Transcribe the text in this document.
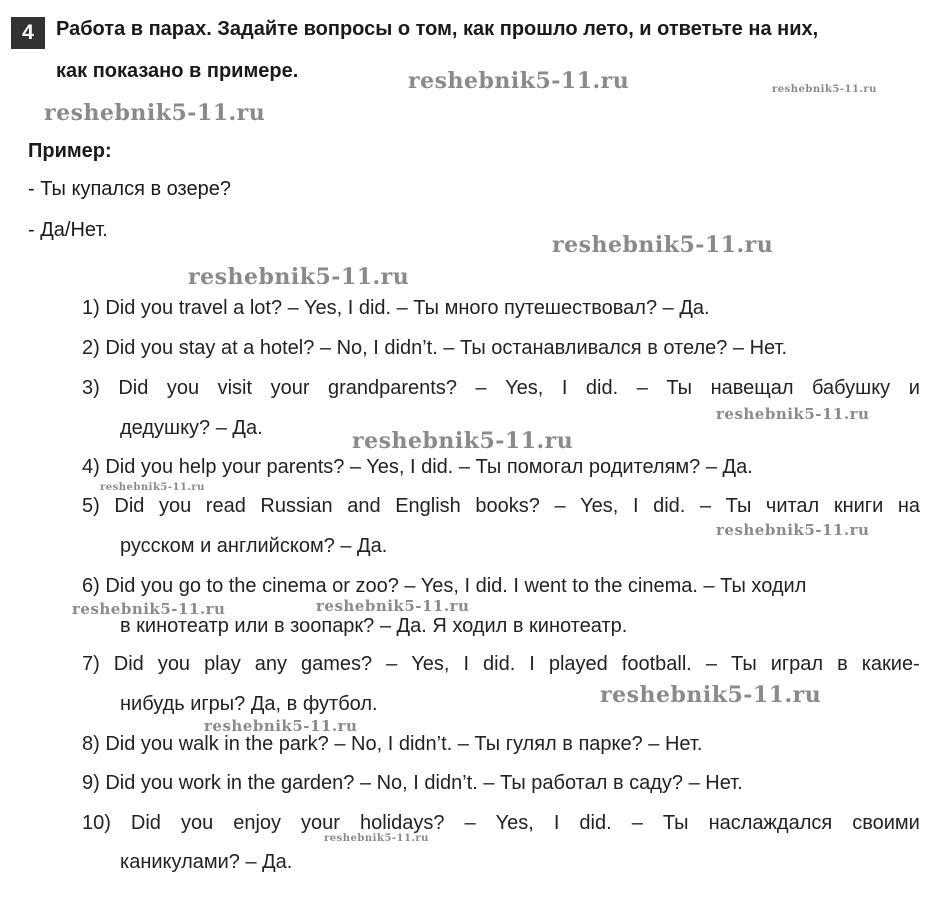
4	Работа в парах. Задайте вопросы о том, как прошло лето, и ответьте на них,
как показано в примере.
Пример:
- Ты купался в озере?
- Да/Нет.
1) Did you travel a lot? – Yes, I did. – Ты много путешествовал? – Да.
2) Did you stay at a hotel? – No, I didn’t. – Ты останавливался в отеле? – Нет.
3) Did you visit your grandparents? – Yes, I did. – Ты навещал бабушку и
дедушку? – Да.
4) Did you help your parents? – Yes, I did. – Ты помогал родителям? – Да.
5) Did you read Russian and English books? – Yes, I did. – Ты читал книги на
русском и английском? – Да.
6) Did you go to the cinema or zoo? – Yes, I did. I went to the cinema. – Ты ходил
в кинотеатр или в зоопарк? – Да. Я ходил в кинотеатр.
7) Did you play any games? – Yes, I did. I played football. – Ты играл в какие-
нибудь игры? Да, в футбол.
8) Did you walk in the park? – No, I didn’t. – Ты гулял в парке? – Нет.
9) Did you work in the garden? – No, I didn’t. – Ты работал в саду? – Нет.
10) Did you enjoy your holidays? – Yes, I did. – Ты наслаждался своими
каникулами? – Да.
reshebnik5-11.ru	reshebnik5-11.ru
reshebnik5-11.ru
reshebnik5-11.ru
reshebnik5-11.ru
reshebnik5-11.ru
reshebnik5-11.ru
reshebnik5-11.ru
reshebnik5-11.ru
reshebnik5-11.ru
reshebnik5-11.ru
reshebnik5-11.ru
reshebnik5-11.ru
reshebnik5-11.ru
